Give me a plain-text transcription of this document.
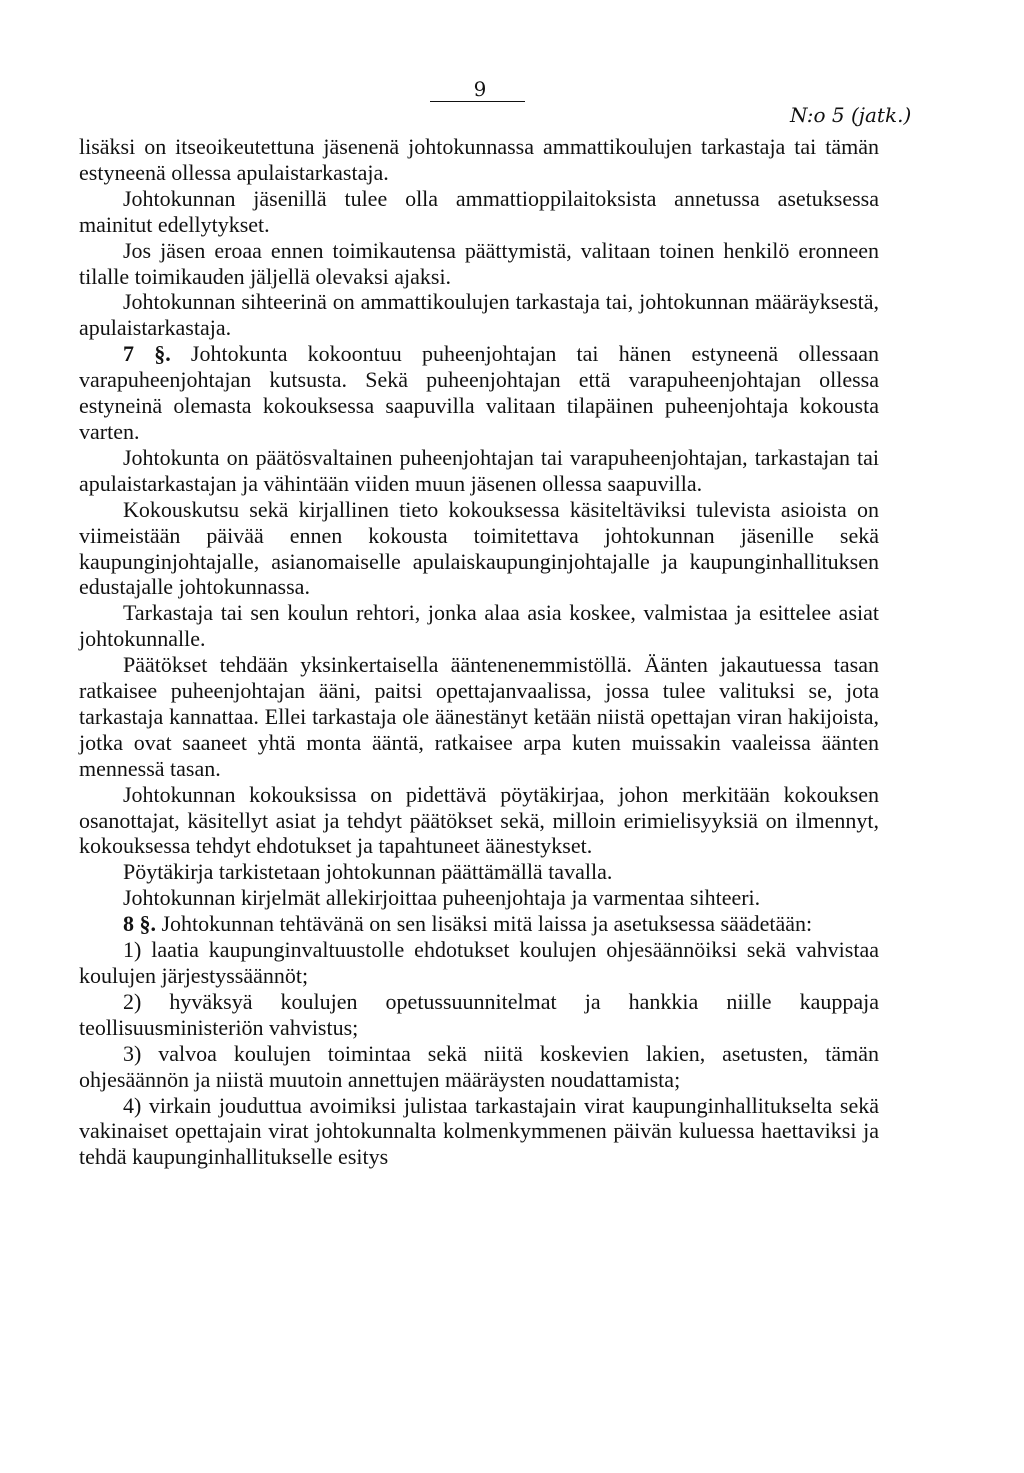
9
N:o 5 (jatk.)

lisäksi on itseoikeutettuna jäsenenä johtokunnassa ammattikoulujen tarkastaja tai tämän estyneenä ollessa apulaistarkastaja.

Johtokunnan jäsenillä tulee olla ammattioppilaitoksista annetussa asetuksessa mainitut edellytykset.

Jos jäsen eroaa ennen toimikautensa päättymistä, valitaan toinen henkilö eronneen tilalle toimikauden jäljellä olevaksi ajaksi.

Johtokunnan sihteerinä on ammattikoulujen tarkastaja tai, johtokunnan määräyksestä, apulaistarkastaja.

7 §. Johtokunta kokoontuu puheenjohtajan tai hänen estyneenä ollessaan varapuheenjohtajan kutsusta. Sekä puheenjohtajan että varapuheenjohtajan ollessa estyneinä olemasta kokouksessa saapuvilla valitaan tilapäinen puheenjohtaja kokousta varten.

Johtokunta on päätösvaltainen puheenjohtajan tai varapuheenjohtajan, tarkastajan tai apulaistarkastajan ja vähintään viiden muun jäsenen ollessa saapuvilla.

Kokouskutsu sekä kirjallinen tieto kokouksessa käsiteltäviksi tulevista asioista on viimeistään päivää ennen kokousta toimitettava johtokunnan jäsenille sekä kaupunginjohtajalle, asianomaiselle apulaiskaupunginjohtajalle ja kaupunginhallituksen edustajalle johtokunnassa.

Tarkastaja tai sen koulun rehtori, jonka alaa asia koskee, valmistaa ja esittelee asiat johtokunnalle.

Päätökset tehdään yksinkertaisella ääntenenemmistöllä. Äänten jakautuessa tasan ratkaisee puheenjohtajan ääni, paitsi opettajanvaalissa, jossa tulee valituksi se, jota tarkastaja kannattaa. Ellei tarkastaja ole äänestänyt ketään niistä opettajan viran hakijoista, jotka ovat saaneet yhtä monta ääntä, ratkaisee arpa kuten muissakin vaaleissa äänten mennessä tasan.

Johtokunnan kokouksissa on pidettävä pöytäkirjaa, johon merkitään kokouksen osanottajat, käsitellyt asiat ja tehdyt päätökset sekä, milloin erimielisyyksiä on ilmennyt, kokouksessa tehdyt ehdotukset ja tapahtuneet äänestykset.

Pöytäkirja tarkistetaan johtokunnan päättämällä tavalla.

Johtokunnan kirjelmät allekirjoittaa puheenjohtaja ja varmentaa sihteeri.

8 §. Johtokunnan tehtävänä on sen lisäksi mitä laissa ja asetuksessa säädetään:

1) laatia kaupunginvaltuustolle ehdotukset koulujen ohjesäännöiksi sekä vahvistaa koulujen järjestyssäännöt;

2) hyväksyä koulujen opetussuunnitelmat ja hankkia niille kauppaja teollisuusministeriön vahvistus;

3) valvoa koulujen toimintaa sekä niitä koskevien lakien, asetusten, tämän ohjesäännön ja niistä muutoin annettujen määräysten noudattamista;

4) virkain jouduttua avoimiksi julistaa tarkastajain virat kaupunginhallitukselta sekä vakinaiset opettajain virat johtokunnalta kolmenkymmenen päivän kuluessa haettaviksi ja tehdä kaupunginhallitukselle esitys
